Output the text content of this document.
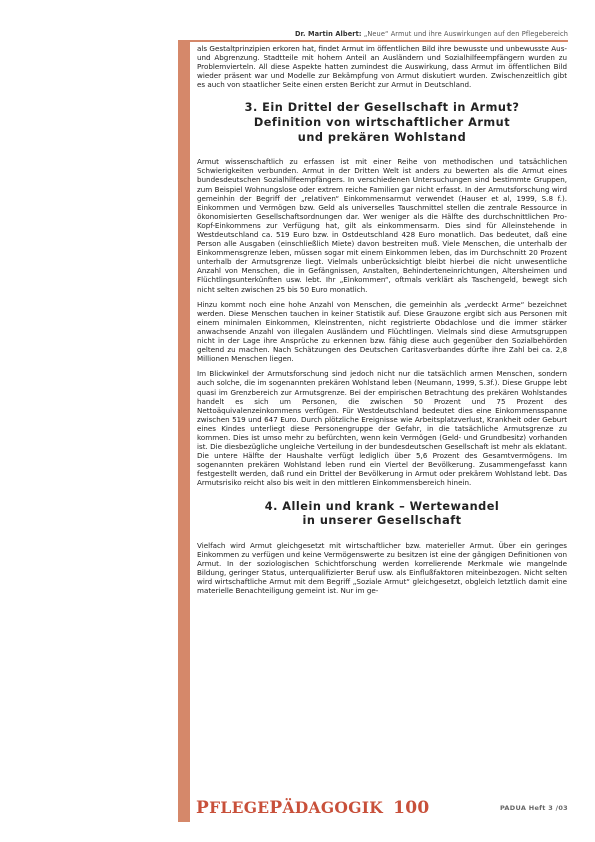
Dr. Martin Albert: „Neue“ Armut und ihre Auswirkungen auf den Pflegebereich

als Gestaltprinzipien erkoren hat, findet Armut im öffentlichen Bild ihre bewusste und unbewusste Aus- und Abgrenzung. Stadtteile mit hohem Anteil an Ausländern und Sozialhilfeempfängern wurden zu Problemvierteln. All diese Aspekte hatten zumindest die Auswirkung, dass Armut im öffentlichen Bild wieder präsent war und Modelle zur Bekämpfung von Armut diskutiert wurden. Zwischenzeitlich gibt es auch von staatlicher Seite einen ersten Bericht zur Armut in Deutschland.

3. Ein Drittel der Gesellschaft in Armut?
Definition von wirtschaftlicher Armut
und prekären Wohlstand

Armut wissenschaftlich zu erfassen ist mit einer Reihe von methodischen und tatsächlichen Schwierigkeiten verbunden. Armut in der Dritten Welt ist anders zu bewerten als die Armut eines bundesdeutschen Sozialhilfeempfängers. In verschiedenen Untersuchungen sind bestimmte Gruppen, zum Beispiel Wohnungslose oder extrem reiche Familien gar nicht erfasst. In der Armutsforschung wird gemeinhin der Begriff der „relativen“ Einkommensarmut verwendet (Hauser et al, 1999, S.8 f.). Einkommen und Vermögen bzw. Geld als universelles Tauschmittel stellen die zentrale Ressource in ökonomisierten Gesellschaftsordnungen dar. Wer weniger als die Hälfte des durchschnittlichen Pro-Kopf-Einkommens zur Verfügung hat, gilt als einkommensarm. Dies sind für Alleinstehende in Westdeutschland ca. 519 Euro bzw. in Ostdeutschland 428 Euro monatlich. Das bedeutet, daß eine Person alle Ausgaben (einschließlich Miete) davon bestreiten muß. Viele Menschen, die unterhalb der Einkommensgrenze leben, müssen sogar mit einem Einkommen leben, das im Durchschnitt 20 Prozent unterhalb der Armutsgrenze liegt. Vielmals unberücksichtigt bleibt hierbei die nicht unwesentliche Anzahl von Menschen, die in Gefängnissen, Anstalten, Behinderteneinrichtungen, Altersheimen und Flüchtlingsunterkünften usw. lebt. Ihr „Einkommen“, oftmals verklärt als Taschengeld, bewegt sich nicht selten zwischen 25 bis 50 Euro monatlich.

Hinzu kommt noch eine hohe Anzahl von Menschen, die gemeinhin als „verdeckt Arme“ bezeichnet werden. Diese Menschen tauchen in keiner Statistik auf. Diese Grauzone ergibt sich aus Personen mit einem minimalen Einkommen, Kleinstrenten, nicht registrierte Obdachlose und die immer stärker anwachsende Anzahl von illegalen Ausländern und Flüchtlingen. Vielmals sind diese Armutsgruppen nicht in der Lage ihre Ansprüche zu erkennen bzw. fähig diese auch gegenüber den Sozialbehörden geltend zu machen. Nach Schätzungen des Deutschen Caritasverbandes dürfte ihre Zahl bei ca. 2,8 Millionen Menschen liegen.

Im Blickwinkel der Armutsforschung sind jedoch nicht nur die tatsächlich armen Menschen, sondern auch solche, die im sogenannten prekären Wohlstand leben (Neumann, 1999, S.3f.). Diese Gruppe lebt quasi im Grenzbereich zur Armutsgrenze. Bei der empirischen Betrachtung des prekären Wohlstandes handelt es sich um Personen, die zwischen 50 Prozent und 75 Prozent des Nettoäquivalenzeinkommens verfügen. Für Westdeutschland bedeutet dies eine Einkommensspanne zwischen 519 und 647 Euro. Durch plötzliche Ereignisse wie Arbeitsplatzverlust, Krankheit oder Geburt eines Kindes unterliegt diese Personengruppe der Gefahr, in die tatsächliche Armutsgrenze zu kommen. Dies ist umso mehr zu befürchten, wenn kein Vermögen (Geld- und Grundbesitz) vorhanden ist. Die diesbezügliche ungleiche Verteilung in der bundesdeutschen Gesellschaft ist mehr als eklatant. Die untere Hälfte der Haushalte verfügt lediglich über 5,6 Prozent des Gesamtvermögens. Im sogenannten prekären Wohlstand leben rund ein Viertel der Bevölkerung. Zusammengefasst kann festgestellt werden, daß rund ein Drittel der Bevölkerung in Armut oder prekärem Wohlstand lebt. Das Armutsrisiko reicht also bis weit in den mittleren Einkommensbereich hinein.

4. Allein und krank – Wertewandel
in unserer Gesellschaft

Vielfach wird Armut gleichgesetzt mit wirtschaftlicher bzw. materieller Armut. Über ein geringes Einkommen zu verfügen und keine Vermögenswerte zu besitzen ist eine der gängigen Definitionen von Armut. In der soziologischen Schichtforschung werden korrelierende Merkmale wie mangelnde Bildung, geringer Status, unterqualifizierter Beruf usw. als Einflußfaktoren miteinbezogen. Nicht selten wird wirtschaftliche Armut mit dem Begriff „Soziale Armut“ gleichgesetzt, obgleich letztlich damit eine materielle Benachteiligung gemeint ist. Nur im ge-

PFLEGEPÄDAGOGIK 100	PADUA Heft 3 /03
